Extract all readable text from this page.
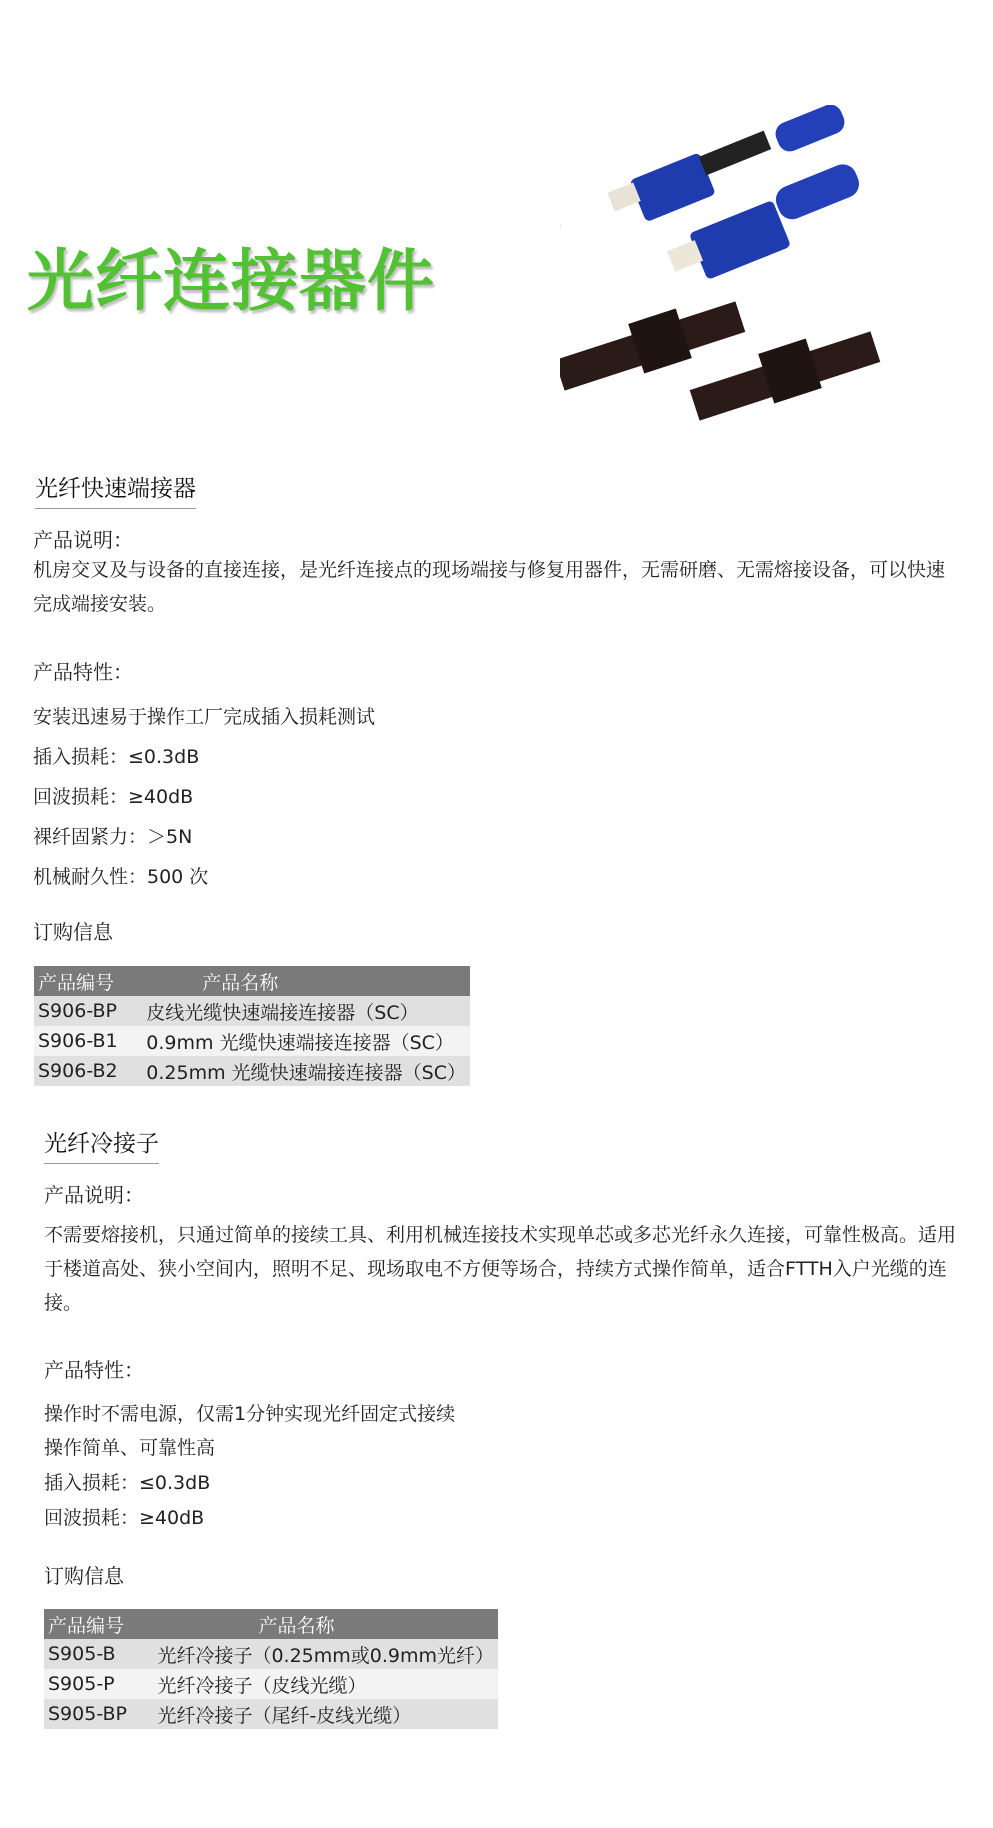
光纤连接器件
光纤快速端接器
产品说明：
机房交叉及与设备的直接连接，是光纤连接点的现场端接与修复用器件，无需研磨、无需熔接设备，可以快速完成端接安装。
产品特性：
安装迅速易于操作工厂完成插入损耗测试
插入损耗：≤0.3dB
回波损耗：≥40dB
裸纤固紧力：＞5N
机械耐久性：500 次
订购信息
产品编号	产品名称
S906-BP	皮线光缆快速端接连接器（SC）
S906-B1	0.9mm 光缆快速端接连接器（SC）
S906-B2	0.25mm 光缆快速端接连接器（SC）
光纤冷接子
产品说明：
不需要熔接机，只通过简单的接续工具、利用机械连接技术实现单芯或多芯光纤永久连接，可靠性极高。适用于楼道高处、狭小空间内，照明不足、现场取电不方便等场合，持续方式操作简单，适合FTTH入户光缆的连接。
产品特性：
操作时不需电源，仅需1分钟实现光纤固定式接续
操作简单、可靠性高
插入损耗：≤0.3dB
回波损耗：≥40dB
订购信息
产品编号	产品名称
S905-B	光纤冷接子（0.25mm或0.9mm光纤）
S905-P	光纤冷接子（皮线光缆）
S905-BP	光纤冷接子（尾纤-皮线光缆）
